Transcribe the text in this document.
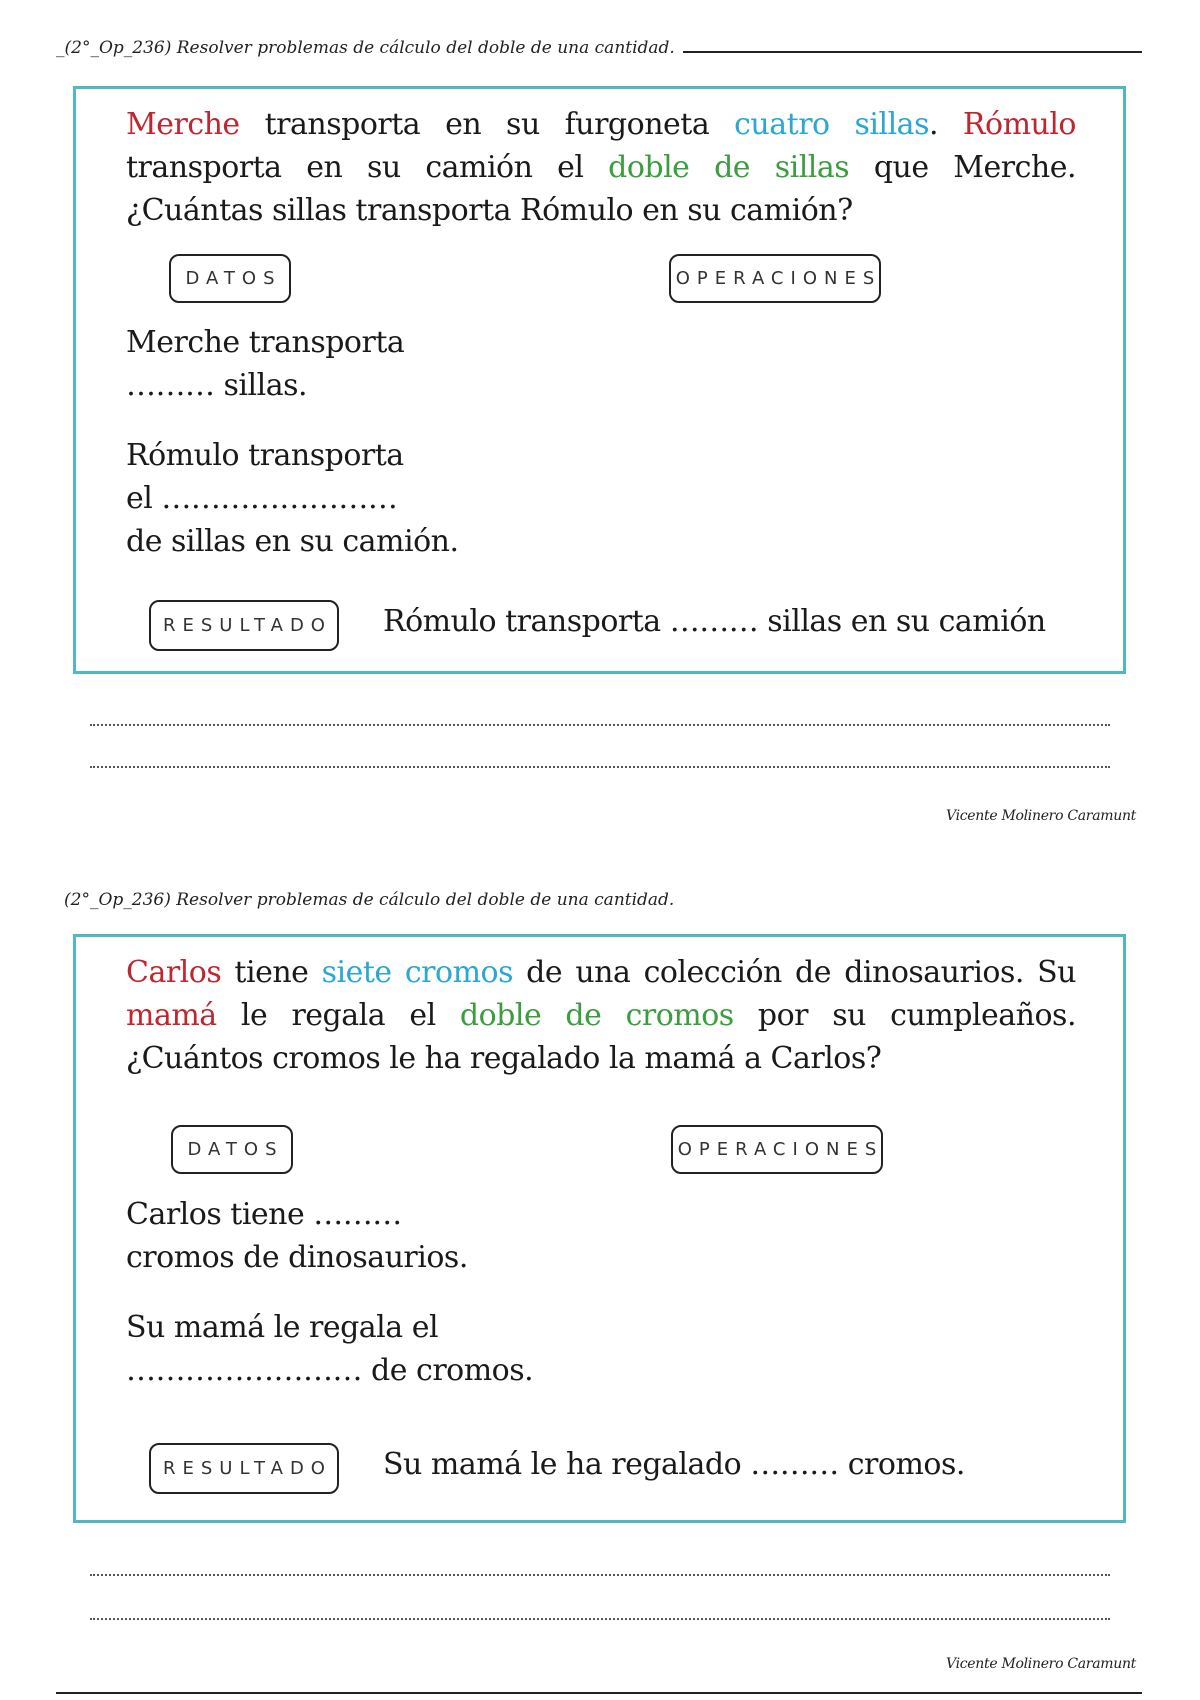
_(2°_Op_236) Resolver problemas de cálculo del doble de una cantidad.
Merche transporta en su furgoneta cuatro sillas. Rómulo transporta en su camión el doble de sillas que Merche. ¿Cuántas sillas transporta Rómulo en su camión?
DATOS	OPERACIONES
Merche transporta
……… sillas.
Rómulo transporta
el ……………………
de sillas en su camión.
RESULTADO Rómulo transporta ……… sillas en su camión
Vicente Molinero Caramunt
(2°_Op_236) Resolver problemas de cálculo del doble de una cantidad.
Carlos tiene siete cromos de una colección de dinosaurios. Su mamá le regala el doble de cromos por su cumpleaños. ¿Cuántos cromos le ha regalado la mamá a Carlos?
DATOS	OPERACIONES
Carlos tiene ………
cromos de dinosaurios.
Su mamá le regala el
…………………… de cromos.
RESULTADO Su mamá le ha regalado ……… cromos.
Vicente Molinero Caramunt
